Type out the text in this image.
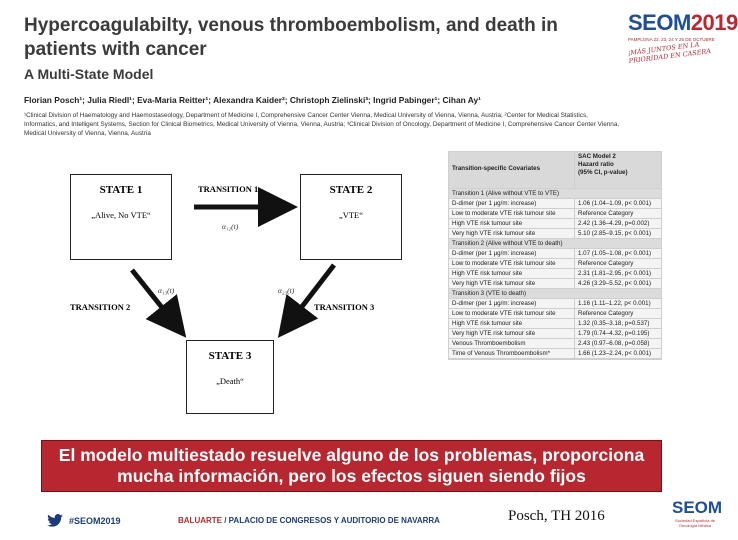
Hypercoagulabilty, venous thromboembolism, and death in patients with cancer
A Multi-State Model
Florian Posch¹; Julia Riedl¹; Eva-Maria Reitter¹; Alexandra Kaider²; Christoph Zielinski³; Ingrid Pabinger¹; Cihan Ay¹
¹Clinical Division of Haematology and Haemostaseology, Department of Medicine I, Comprehensive Cancer Center Vienna, Medical University of Vienna, Vienna, Austria; ²Center for Medical Statistics, Informatics, and Intelligent Systems, Section for Clinical Biometrics, Medical University of Vienna, Vienna, Austria; ³Clinical Division of Oncology, Department of Medicine I, Comprehensive Cancer Center Vienna, Medical University of Vienna, Vienna, Austria
SEOM2019
PAMPLONA 22, 23, 24 Y 25 DE OCTUBRE
¡MÁS JUNTOS EN LA PRIORIDAD EN CASERA
STATE 1
„Alive, No VTE“
STATE 2
„VTE“
STATE 3
„Death“
TRANSITION 1
α₁₂(t)
TRANSITION 2
α₁₃(t)
TRANSITION 3
α₂₃(t)
Transition-specific Covariates
SAC Model 2
Hazard ratio
(95% CI, p-value)
Transition 1 (Alive without VTE to VTE)
D-dimer (per 1 µg/m: increase)	1.06 (1.04–1.09, p< 0.001)
Low to moderate VTE risk tumour site	Reference Category
High VTE risk tumour site	2.42 (1.36–4.29, p=0.002)
Very high VTE risk tumour site	5.10 (2.85–9.15, p< 0.001)
Transition 2 (Alive without VTE to death)
D-dimer (per 1 µg/m: increase)	1.07 (1.05–1.08, p< 0.001)
Low to moderate VTE risk tumour site	Reference Category
High VTE risk tumour site	2.31 (1.81–2.95, p< 0.001)
Very high VTE risk tumour site	4.26 (3.29–5.52, p< 0.001)
Transition 3 (VTE to death)
D-dimer (per 1 µg/m: increase)	1.16 (1.11–1.22, p< 0.001)
Low to moderate VTE risk tumour site	Reference Category
High VTE risk tumour site	1.32 (0.35–3.18, p=0.537)
Very high VTE risk tumour site	1.79 (0.74–4.32, p=0.195)
Venous Thromboembolism	2.43 (0.97–6.08, p=0.058)
Time of Venous Thromboembolism*	1.66 (1.23–2.24, p< 0.001)
El modelo multiestado resuelve alguno de los problemas, proporciona mucha información, pero los efectos siguen siendo fijos
#SEOM2019	BALUARTE / PALACIO DE CONGRESOS Y AUDITORIO DE NAVARRA	Posch, TH 2016	SEOM
Sociedad Española de Oncología Médica
